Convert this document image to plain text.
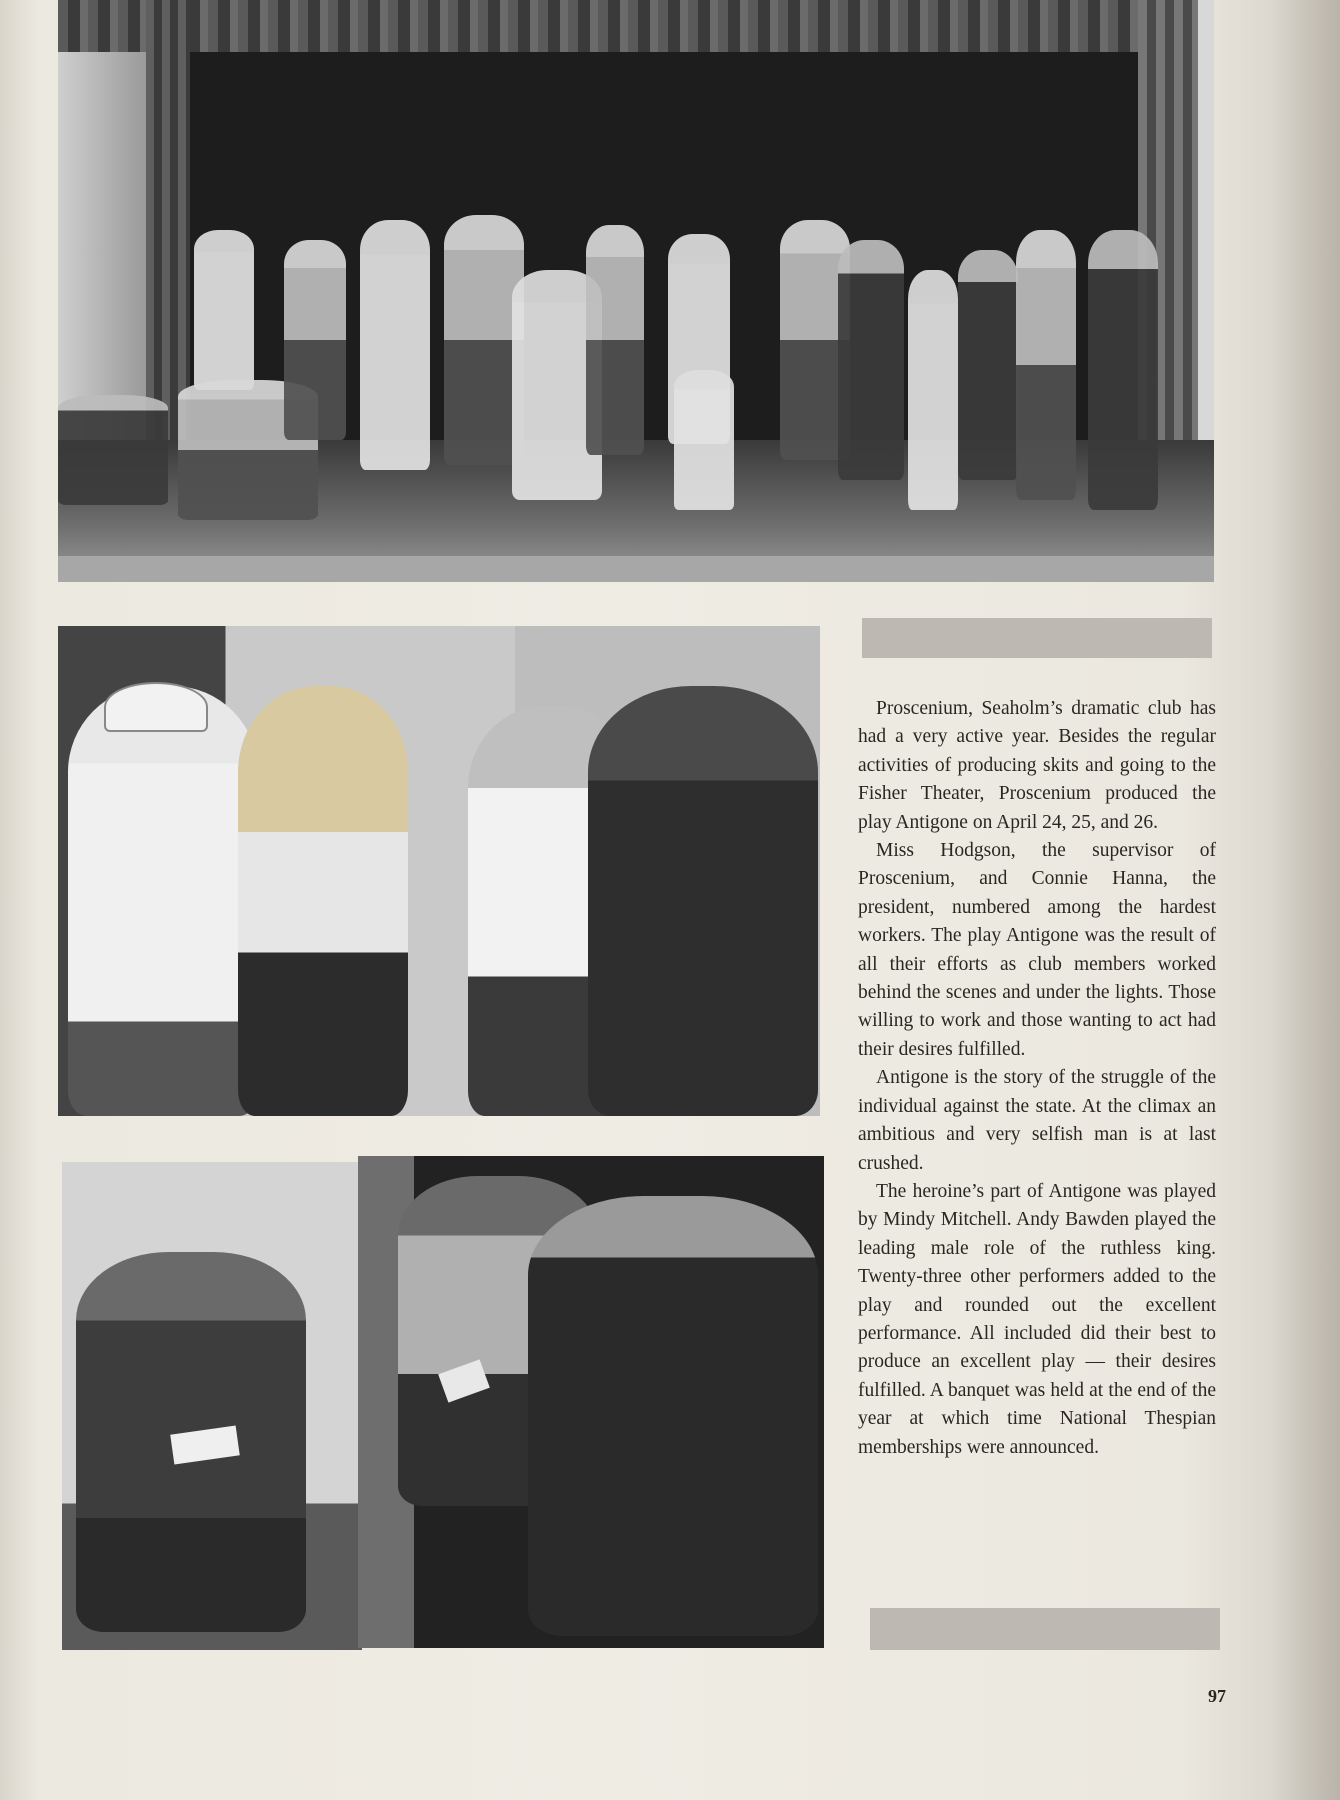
Proscenium, Seaholm’s dramatic club has had a very active year. Besides the regular activities of producing skits and going to the Fisher Theater, Proscenium produced the play Antigone on April 24, 25, and 26.

Miss Hodgson, the supervisor of Proscenium, and Connie Hanna, the president, numbered among the hardest workers. The play Antigone was the result of all their efforts as club members worked behind the scenes and under the lights. Those willing to work and those wanting to act had their desires fulfilled.

Antigone is the story of the struggle of the individual against the state. At the climax an ambitious and very selfish man is at last crushed.

The heroine’s part of Antigone was played by Mindy Mitchell. Andy Bawden played the leading male role of the ruthless king. Twenty-three other performers added to the play and rounded out the excellent performance. All included did their best to produce an excellent play — their desires fulfilled. A banquet was held at the end of the year at which time National Thespian memberships were announced.

97
